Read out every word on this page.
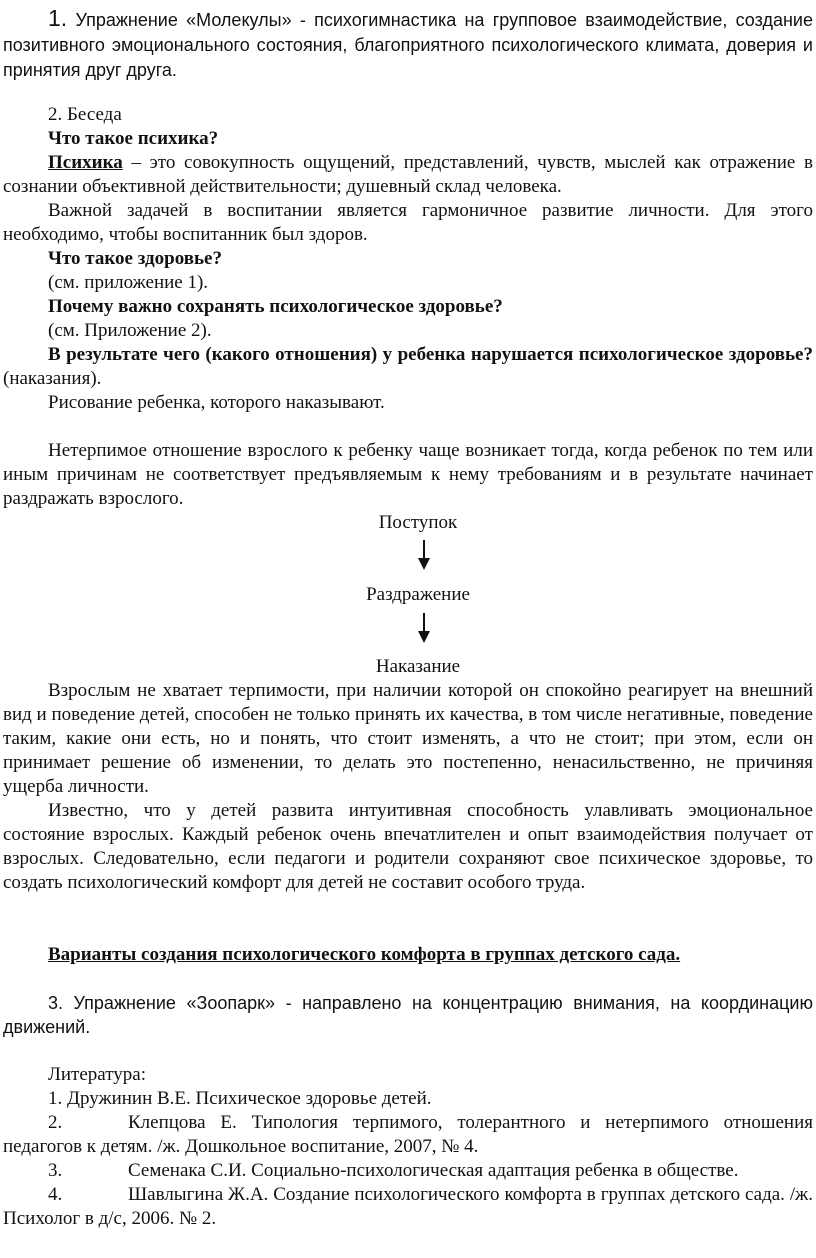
1. Упражнение «Молекулы» - психогимнастика на групповое взаимодействие, создание позитивного эмоционального состояния, благоприятного психологического климата, доверия и принятия друг друга.

2. Беседа

Что такое психика?

Психика – это совокупность ощущений, представлений, чувств, мыслей как отражение в сознании объективной действительности; душевный склад человека.

Важной задачей в воспитании является гармоничное развитие личности. Для этого необходимо, чтобы воспитанник был здоров.

Что такое здоровье?

(см. приложение 1).

Почему важно сохранять психологическое здоровье?

(см. Приложение 2).

В результате чего (какого отношения) у ребенка нарушается психологическое здоровье? (наказания).

Рисование ребенка, которого наказывают.

Нетерпимое отношение взрослого к ребенку чаще возникает тогда, когда ребенок по тем или иным причинам не соответствует предъявляемым к нему требованиям и в результате начинает раздражать взрослого.

Поступок

Раздражение

Наказание

Взрослым не хватает терпимости, при наличии которой он спокойно реагирует на внешний вид и поведение детей, способен не только принять их качества, в том числе негативные, поведение таким, какие они есть, но и понять, что стоит изменять, а что не стоит; при этом, если он принимает решение об изменении, то делать это постепенно, ненасильственно, не причиняя ущерба личности.

Известно, что у детей развита интуитивная способность улавливать эмоциональное состояние взрослых. Каждый ребенок очень впечатлителен и опыт взаимодействия получает от взрослых. Следовательно, если педагоги и родители сохраняют свое психическое здоровье, то создать психологический комфорт для детей не составит особого труда.

Варианты создания психологического комфорта в группах детского сада.

3. Упражнение «Зоопарк» - направлено на концентрацию внимания, на координацию движений.

Литература:

1. Дружинин В.Е. Психическое здоровье детей.

2.	Клепцова Е. Типология терпимого, толерантного и нетерпимого отношения педагогов к детям. /ж. Дошкольное воспитание, 2007, № 4.

3.	Семенака С.И. Социально-психологическая адаптация ребенка в обществе.

4.	Шавлыгина Ж.А. Создание психологического комфорта в группах детского сада. /ж. Психолог в д/с, 2006. № 2.
